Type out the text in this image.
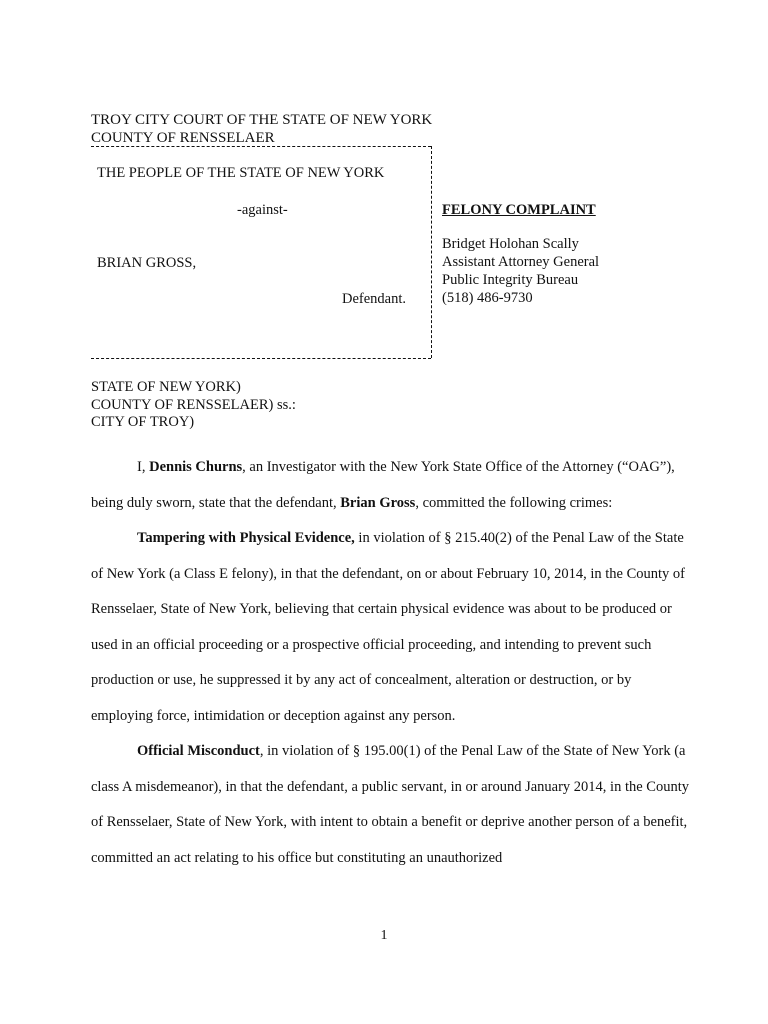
TROY CITY COURT OF THE STATE OF NEW YORK
COUNTY OF RENSSELAER
THE PEOPLE OF THE STATE OF NEW YORK
-against-
BRIAN GROSS,
Defendant.
FELONY COMPLAINT
Bridget Holohan Scally
Assistant Attorney General
Public Integrity Bureau
(518) 486-9730
STATE OF NEW YORK)
COUNTY OF RENSSELAER) ss.:
CITY OF TROY)

I, Dennis Churns, an Investigator with the New York State Office of the Attorney (“OAG”), being duly sworn, state that the defendant, Brian Gross, committed the following crimes:

Tampering with Physical Evidence, in violation of § 215.40(2) of the Penal Law of the State of New York (a Class E felony), in that the defendant, on or about February 10, 2014, in the County of Rensselaer, State of New York, believing that certain physical evidence was about to be produced or used in an official proceeding or a prospective official proceeding, and intending to prevent such production or use, he suppressed it by any act of concealment, alteration or destruction, or by employing force, intimidation or deception against any person.

Official Misconduct, in violation of § 195.00(1) of the Penal Law of the State of New York (a class A misdemeanor), in that the defendant, a public servant, in or around January 2014, in the County of Rensselaer, State of New York, with intent to obtain a benefit or deprive another person of a benefit, committed an act relating to his office but constituting an unauthorized

1
